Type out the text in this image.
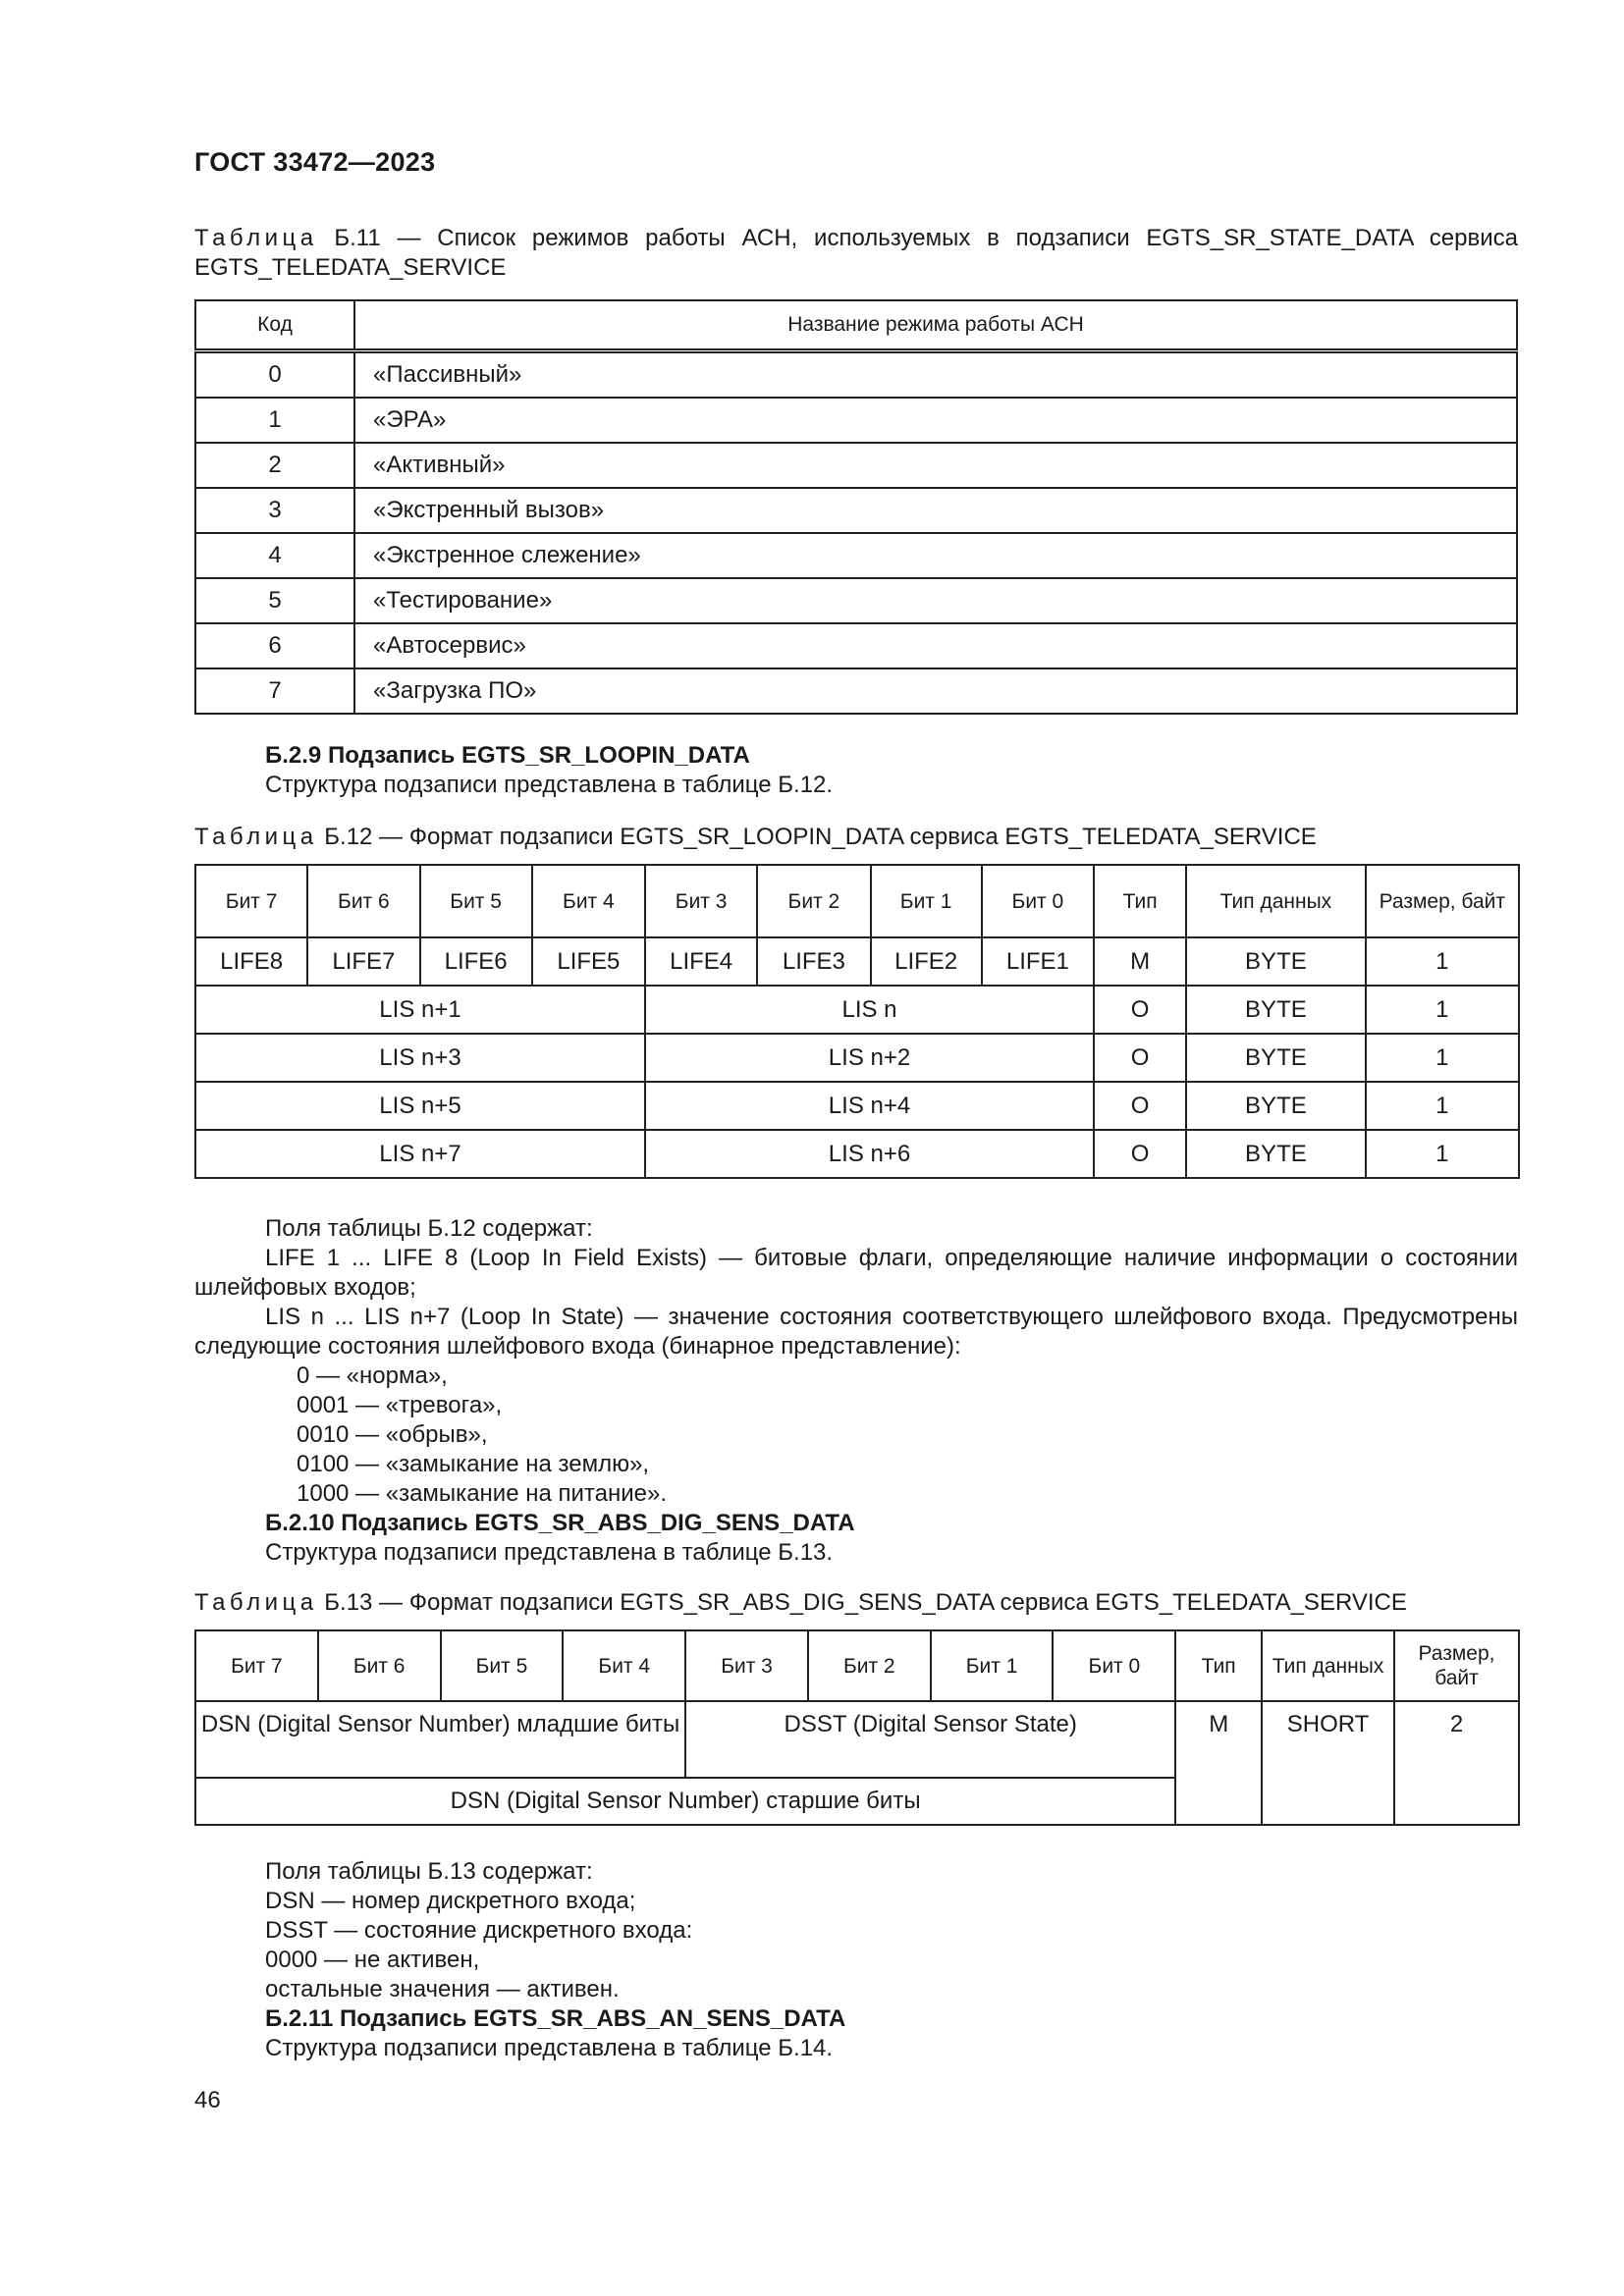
ГОСТ 33472—2023
Таблица Б.11 — Список режимов работы АСН, используемых в подзаписи EGTS_SR_STATE_DATA сервиса EGTS_TELEDATA_SERVICE
Код	Название режима работы АСН
0	«Пассивный»
1	«ЭРА»
2	«Активный»
3	«Экстренный вызов»
4	«Экстренное слежение»
5	«Тестирование»
6	«Автосервис»
7	«Загрузка ПО»
Б.2.9 Подзапись EGTS_SR_LOOPIN_DATA
Структура подзаписи представлена в таблице Б.12.
Таблица Б.12 — Формат подзаписи EGTS_SR_LOOPIN_DATA сервиса EGTS_TELEDATA_SERVICE
Бит 7	Бит 6	Бит 5	Бит 4	Бит 3	Бит 2	Бит 1	Бит 0	Тип	Тип данных	Размер, байт
LIFE8	LIFE7	LIFE6	LIFE5	LIFE4	LIFE3	LIFE2	LIFE1	M	BYTE	1
LIS n+1				LIS n				O	BYTE	1
LIS n+3				LIS n+2				O	BYTE	1
LIS n+5				LIS n+4				O	BYTE	1
LIS n+7				LIS n+6				O	BYTE	1
Поля таблицы Б.12 содержат:
LIFE 1 ... LIFE 8 (Loop In Field Exists) — битовые флаги, определяющие наличие информации о состоянии шлейфовых входов;
LIS n ... LIS n+7 (Loop In State) — значение состояния соответствующего шлейфового входа. Предусмотрены следующие состояния шлейфового входа (бинарное представление):
0 — «норма»,
0001 — «тревога»,
0010 — «обрыв»,
0100 — «замыкание на землю»,
1000 — «замыкание на питание».
Б.2.10 Подзапись EGTS_SR_ABS_DIG_SENS_DATA
Структура подзаписи представлена в таблице Б.13.
Таблица Б.13 — Формат подзаписи EGTS_SR_ABS_DIG_SENS_DATA сервиса EGTS_TELEDATA_SERVICE
Бит 7	Бит 6	Бит 5	Бит 4	Бит 3	Бит 2	Бит 1	Бит 0	Тип	Тип данных	Размер, байт
DSN (Digital Sensor Number) младшие биты				DSST (Digital Sensor State)				M	SHORT	2
DSN (Digital Sensor Number) старшие биты										
Поля таблицы Б.13 содержат:
DSN — номер дискретного входа;
DSST — состояние дискретного входа:
0000 — не активен,
остальные значения — активен.
Б.2.11 Подзапись EGTS_SR_ABS_AN_SENS_DATA
Структура подзаписи представлена в таблице Б.14.
46
